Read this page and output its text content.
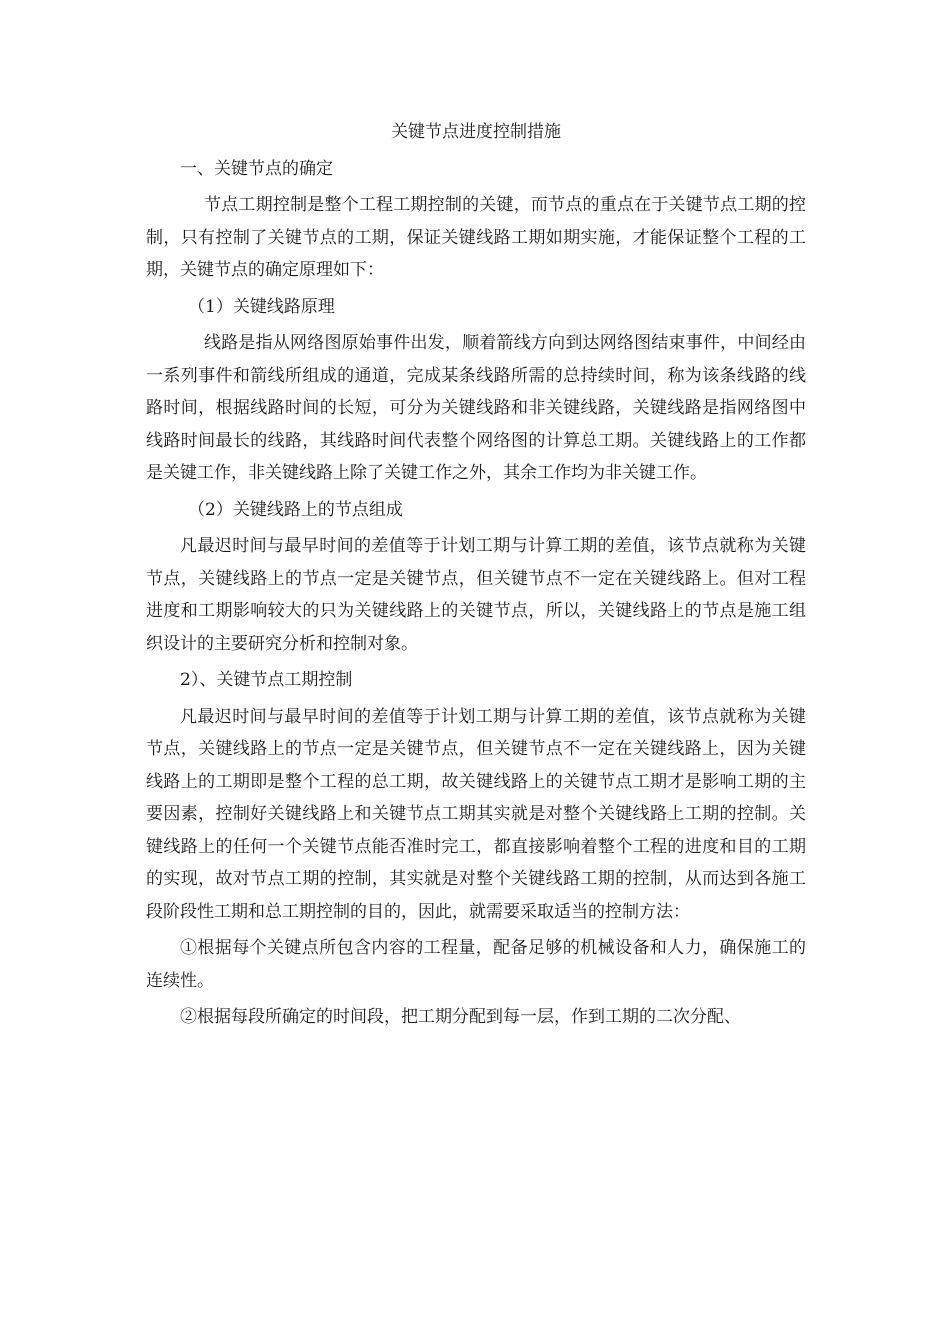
关键节点进度控制措施

一、关键节点的确定

节点工期控制是整个工程工期控制的关键，而节点的重点在于关键节点工期的控制，只有控制了关键节点的工期，保证关键线路工期如期实施，才能保证整个工程的工期，关键节点的确定原理如下：

（1）关键线路原理

线路是指从网络图原始事件出发，顺着箭线方向到达网络图结束事件，中间经由一系列事件和箭线所组成的通道，完成某条线路所需的总持续时间，称为该条线路的线路时间，根据线路时间的长短，可分为关键线路和非关键线路，关键线路是指网络图中线路时间最长的线路，其线路时间代表整个网络图的计算总工期。关键线路上的工作都是关键工作，非关键线路上除了关键工作之外，其余工作均为非关键工作。

（2）关键线路上的节点组成

凡最迟时间与最早时间的差值等于计划工期与计算工期的差值，该节点就称为关键节点，关键线路上的节点一定是关键节点，但关键节点不一定在关键线路上。但对工程进度和工期影响较大的只为关键线路上的关键节点，所以，关键线路上的节点是施工组织设计的主要研究分析和控制对象。

2）、关键节点工期控制

凡最迟时间与最早时间的差值等于计划工期与计算工期的差值，该节点就称为关键节点，关键线路上的节点一定是关键节点，但关键节点不一定在关键线路上，因为关键线路上的工期即是整个工程的总工期，故关键线路上的关键节点工期才是影响工期的主要因素，控制好关键线路上和关键节点工期其实就是对整个关键线路上工期的控制。关键线路上的任何一个关键节点能否准时完工，都直接影响着整个工程的进度和目的工期的实现，故对节点工期的控制，其实就是对整个关键线路工期的控制，从而达到各施工段阶段性工期和总工期控制的目的，因此，就需要采取适当的控制方法：

①根据每个关键点所包含内容的工程量，配备足够的机械设备和人力，确保施工的连续性。

②根据每段所确定的时间段，把工期分配到每一层，作到工期的二次分配、
